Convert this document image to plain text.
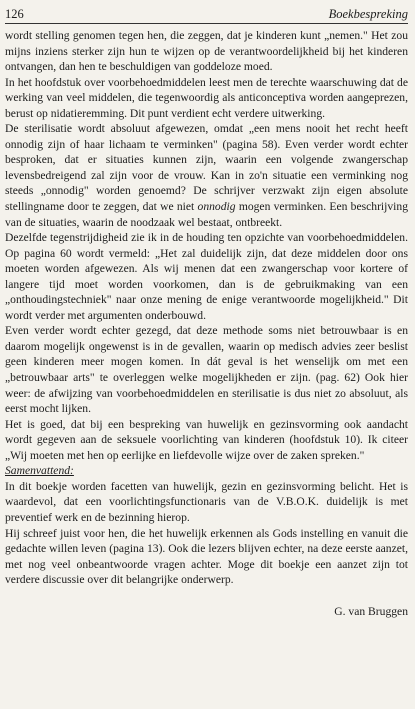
126	Boekbespreking

wordt stelling genomen tegen hen, die zeggen, dat je kinderen kunt „nemen." Het zou mijns inziens sterker zijn hun te wijzen op de verantwoordelijkheid bij het kinderen ontvangen, dan hen te beschuldigen van goddeloze moed.

In het hoofdstuk over voorbehoedmiddelen leest men de terechte waarschuwing dat de werking van veel middelen, die tegenwoordig als anticonceptiva worden aangeprezen, berust op nidatieremming. Dit punt verdient echt verdere uitwerking.

De sterilisatie wordt absoluut afgewezen, omdat „een mens nooit het recht heeft onnodig zijn of haar lichaam te verminken" (pagina 58). Even verder wordt echter besproken, dat er situaties kunnen zijn, waarin een volgende zwangerschap levensbedreigend zal zijn voor de vrouw. Kan in zo'n situatie een verminking nog steeds „onnodig" worden genoemd? De schrijver verzwakt zijn eigen absolute stellingname door te zeggen, dat we niet onnodig mogen verminken. Een beschrijving van de situaties, waarin de noodzaak wel bestaat, ontbreekt.

Dezelfde tegenstrijdigheid zie ik in de houding ten opzichte van voorbehoedmiddelen. Op pagina 60 wordt vermeld: „Het zal duidelijk zijn, dat deze middelen door ons moeten worden afgewezen. Als wij menen dat een zwangerschap voor kortere of langere tijd moet worden voorkomen, dan is de gebruikmaking van een „onthoudingstechniek" naar onze mening de enige verantwoorde mogelijkheid." Dit wordt verder met argumenten onderbouwd.

Even verder wordt echter gezegd, dat deze methode soms niet betrouwbaar is en daarom mogelijk ongewenst is in de gevallen, waarin op medisch advies zeer beslist geen kinderen meer mogen komen. In dát geval is het wenselijk om met een „betrouwbaar arts" te overleggen welke mogelijkheden er zijn. (pag. 62) Ook hier weer: de afwijzing van voorbehoedmiddelen en sterilisatie is dus niet zo absoluut, als eerst mocht lijken.

Het is goed, dat bij een bespreking van huwelijk en gezinsvorming ook aandacht wordt gegeven aan de seksuele voorlichting van kinderen (hoofdstuk 10). Ik citeer „Wij moeten met hen op eerlijke en liefdevolle wijze over de zaken spreken."

Samenvattend:

In dit boekje worden facetten van huwelijk, gezin en gezinsvorming belicht. Het is waardevol, dat een voorlichtingsfunctionaris van de V.B.O.K. duidelijk is met preventief werk en de bezinning hierop.

Hij schreef juist voor hen, die het huwelijk erkennen als Gods instelling en vanuit die gedachte willen leven (pagina 13). Ook die lezers blijven echter, na deze eerste aanzet, met nog veel onbeantwoorde vragen achter. Moge dit boekje een aanzet zijn tot verdere discussie over dit belangrijke onderwerp.

G. van Bruggen
